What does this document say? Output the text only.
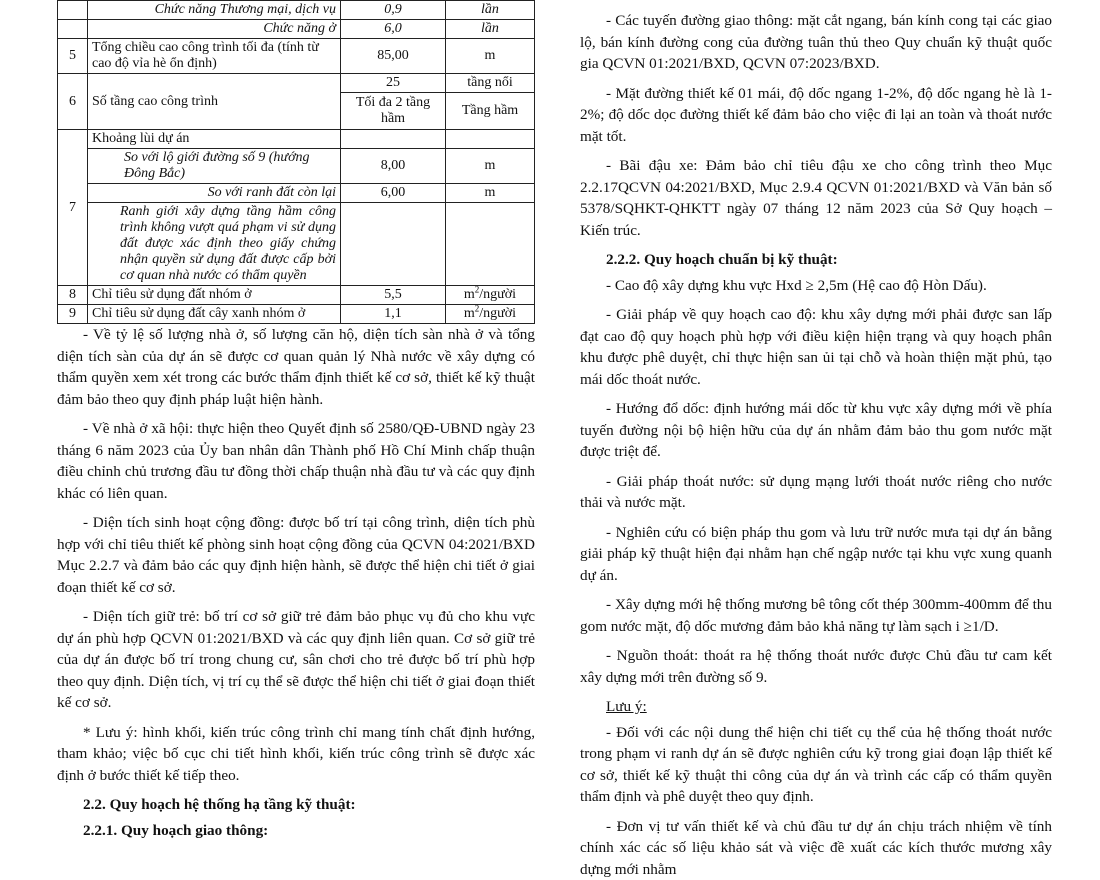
	Chức năng Thương mại, dịch vụ	0,9	lần
	Chức năng ở	6,0	lần
5	Tổng chiều cao công trình tối đa (tính từ cao độ vỉa hè ổn định)	85,00	m
6	Số tầng cao công trình	25	tầng nổi
		Tối đa 2 tầng hầm	Tầng hầm
7	Khoảng lùi dự án		
	So với lộ giới đường số 9 (hướng Đông Bắc)	8,00	m
	So với ranh đất còn lại	6,00	m
	Ranh giới xây dựng tầng hầm công trình không vượt quá phạm vi sử dụng đất được xác định theo giấy chứng nhận quyền sử dụng đất được cấp bởi cơ quan nhà nước có thẩm quyền		
8	Chỉ tiêu sử dụng đất nhóm ở	5,5	$m^2$/người
9	Chỉ tiêu sử dụng đất cây xanh nhóm ở	1,1	$m^2$/người

- Về tỷ lệ số lượng nhà ở, số lượng căn hộ, diện tích sàn nhà ở và tổng diện tích sàn của dự án sẽ được cơ quan quản lý Nhà nước về xây dựng có thẩm quyền xem xét trong các bước thẩm định thiết kế cơ sở, thiết kế kỹ thuật đảm bảo theo quy định pháp luật hiện hành.

- Về nhà ở xã hội: thực hiện theo Quyết định số 2580/QĐ-UBND ngày 23 tháng 6 năm 2023 của Ủy ban nhân dân Thành phố Hồ Chí Minh chấp thuận điều chỉnh chủ trương đầu tư đồng thời chấp thuận nhà đầu tư và các quy định khác có liên quan.

- Diện tích sinh hoạt cộng đồng: được bố trí tại công trình, diện tích phù hợp với chỉ tiêu thiết kế phòng sinh hoạt cộng đồng của QCVN 04:2021/BXD Mục 2.2.7 và đảm bảo các quy định hiện hành, sẽ được thể hiện chi tiết ở giai đoạn thiết kế cơ sở.

- Diện tích giữ trẻ: bố trí cơ sở giữ trẻ đảm bảo phục vụ đủ cho khu vực dự án phù hợp QCVN 01:2021/BXD và các quy định liên quan. Cơ sở giữ trẻ của dự án được bố trí trong chung cư, sân chơi cho trẻ được bố trí phù hợp theo quy định. Diện tích, vị trí cụ thể sẽ được thể hiện chi tiết ở giai đoạn thiết kế cơ sở.

* Lưu ý: hình khối, kiến trúc công trình chỉ mang tính chất định hướng, tham khảo; việc bố cục chi tiết hình khối, kiến trúc công trình sẽ được xác định ở bước thiết kế tiếp theo.

2.2. Quy hoạch hệ thống hạ tầng kỹ thuật:

2.2.1. Quy hoạch giao thông:

- Các tuyến đường giao thông: mặt cắt ngang, bán kính cong tại các giao lộ, bán kính đường cong của đường tuân thủ theo Quy chuẩn kỹ thuật quốc gia QCVN 01:2021/BXD, QCVN 07:2023/BXD.

- Mặt đường thiết kế 01 mái, độ dốc ngang 1-2%, độ dốc ngang hè là 1-2%; độ dốc dọc đường thiết kế đảm bảo cho việc đi lại an toàn và thoát nước mặt tốt.

- Bãi đậu xe: Đảm bảo chỉ tiêu đậu xe cho công trình theo Mục 2.2.17QCVN 04:2021/BXD, Mục 2.9.4 QCVN 01:2021/BXD và Văn bản số 5378/SQHKT-QHKTT ngày 07 tháng 12 năm 2023 của Sở Quy hoạch – Kiến trúc.

2.2.2. Quy hoạch chuẩn bị kỹ thuật:

- Cao độ xây dựng khu vực Hxd ≥ 2,5m (Hệ cao độ Hòn Dấu).

- Giải pháp về quy hoạch cao độ: khu xây dựng mới phải được san lấp đạt cao độ quy hoạch phù hợp với điều kiện hiện trạng và quy hoạch phân khu được phê duyệt, chỉ thực hiện san ủi tại chỗ và hoàn thiện mặt phủ, tạo mái dốc thoát nước.

- Hướng đổ dốc: định hướng mái dốc từ khu vực xây dựng mới về phía tuyến đường nội bộ hiện hữu của dự án nhằm đảm bảo thu gom nước mặt được triệt để.

- Giải pháp thoát nước: sử dụng mạng lưới thoát nước riêng cho nước thải và nước mặt.

- Nghiên cứu có biện pháp thu gom và lưu trữ nước mưa tại dự án bằng giải pháp kỹ thuật hiện đại nhằm hạn chế ngập nước tại khu vực xung quanh dự án.

- Xây dựng mới hệ thống mương bê tông cốt thép 300mm-400mm để thu gom nước mặt, độ dốc mương đảm bảo khả năng tự làm sạch i ≥1/D.

- Nguồn thoát: thoát ra hệ thống thoát nước được Chủ đầu tư cam kết xây dựng mới trên đường số 9.

Lưu ý:

- Đối với các nội dung thể hiện chi tiết cụ thể của hệ thống thoát nước trong phạm vi ranh dự án sẽ được nghiên cứu kỹ trong giai đoạn lập thiết kế cơ sở, thiết kế kỹ thuật thi công của dự án và trình các cấp có thẩm quyền thẩm định và phê duyệt theo quy định.

- Đơn vị tư vấn thiết kế và chủ đầu tư dự án chịu trách nhiệm về tính chính xác các số liệu khảo sát và việc đề xuất các kích thước mương xây dựng mới nhằm
